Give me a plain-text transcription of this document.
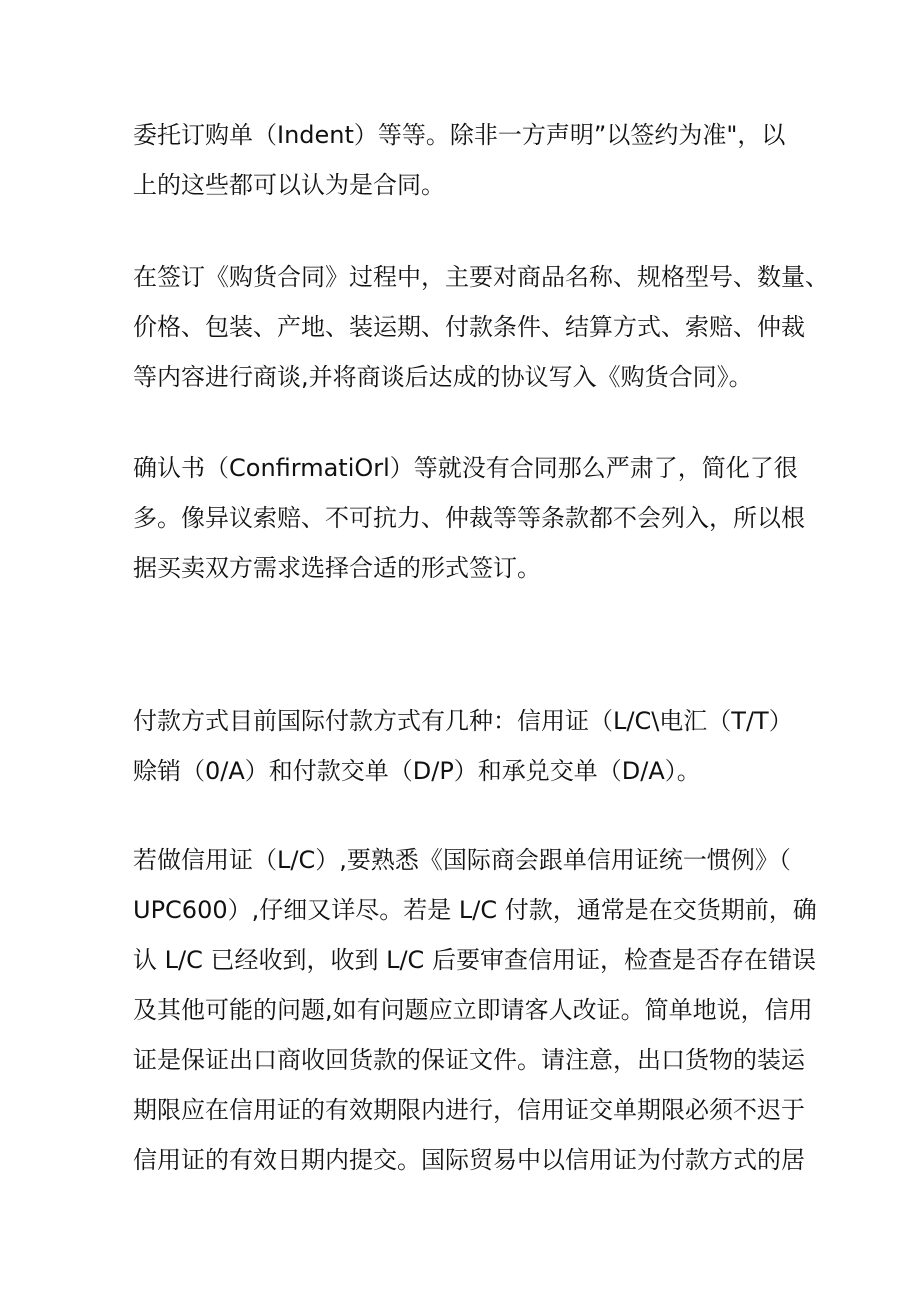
委托订购单（Indent）等等。除非一方声明”以签约为准"，以
上的这些都可以认为是合同。
在签订《购货合同》过程中，主要对商品名称、规格型号、数量、
价格、包装、产地、装运期、付款条件、结算方式、索赔、仲裁
等内容进行商谈,并将商谈后达成的协议写入《购货合同》。
确认书（ConfirmatiOrl）等就没有合同那么严肃了，简化了很
多。像异议索赔、不可抗力、仲裁等等条款都不会列入，所以根
据买卖双方需求选择合适的形式签订。
付款方式目前国际付款方式有几种：信用证（L/C\电汇（T/T）
赊销（0/A）和付款交单（D/P）和承兑交单（D/A）。
若做信用证（L/C）,要熟悉《国际商会跟单信用证统一惯例》（
UPC600）,仔细又详尽。若是 L/C 付款，通常是在交货期前，确
认 L/C 已经收到，收到 L/C 后要审查信用证，检查是否存在错误
及其他可能的问题,如有问题应立即请客人改证。简单地说，信用
证是保证出口商收回货款的保证文件。请注意，出口货物的装运
期限应在信用证的有效期限内进行，信用证交单期限必须不迟于
信用证的有效日期内提交。国际贸易中以信用证为付款方式的居
